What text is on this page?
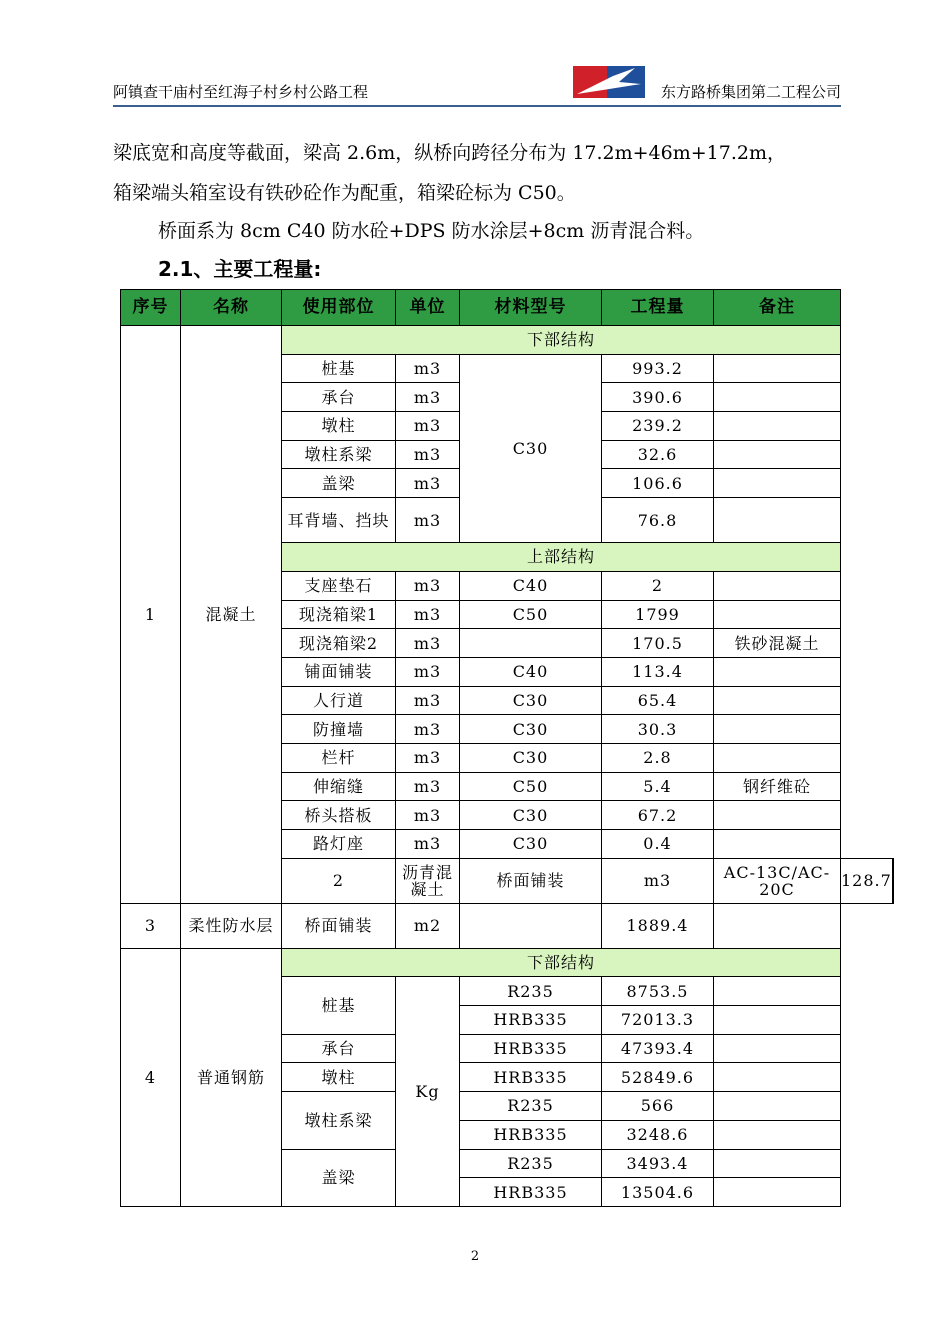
阿镇查干庙村至红海子村乡村公路工程	东方路桥集团第二工程公司
梁底宽和高度等截面，梁高 2.6m，纵桥向跨径分布为 17.2m+46m+17.2m，
箱梁端头箱室设有铁砂砼作为配重，箱梁砼标为 C50。
桥面系为 8cm C40 防水砼+DPS 防水涂层+8cm 沥青混合料。
2.1、主要工程量:
序号	名称	使用部位	单位	材料型号	工程量	备注		
1	混凝土	下部结构						
		桩基	m3	C30	993.2			
		承台	m3		390.6			
		墩柱	m3		239.2			
		墩柱系梁	m3		32.6			
		盖梁	m3		106.6			
		耳背墙、挡块	m3		76.8			
		上部结构						
		支座垫石	m3	C40	2			
		现浇箱梁1	m3	C50	1799			
		现浇箱梁2	m3		170.5	铁砂混凝土		
		铺面铺装	m3	C40	113.4			
		人行道	m3	C30	65.4			
		防撞墙	m3	C30	30.3			
		栏杆	m3	C30	2.8			
		伸缩缝	m3	C50	5.4	钢纤维砼		
		桥头搭板	m3	C30	67.2			
		路灯座	m3	C30	0.4			
		2	沥青混凝土	桥面铺装	m3	AC-13C/AC-20C	128.7	
3	柔性防水层	桥面铺装	m2		1889.4			
4	普通钢筋	下部结构						
		桩基	Kg	R235	8753.5			
				HRB335	72013.3			
		承台		HRB335	47393.4			
		墩柱		HRB335	52849.6			
		墩柱系梁		R235	566			
				HRB335	3248.6			
		盖梁		R235	3493.4			
				HRB335	13504.6			
2
